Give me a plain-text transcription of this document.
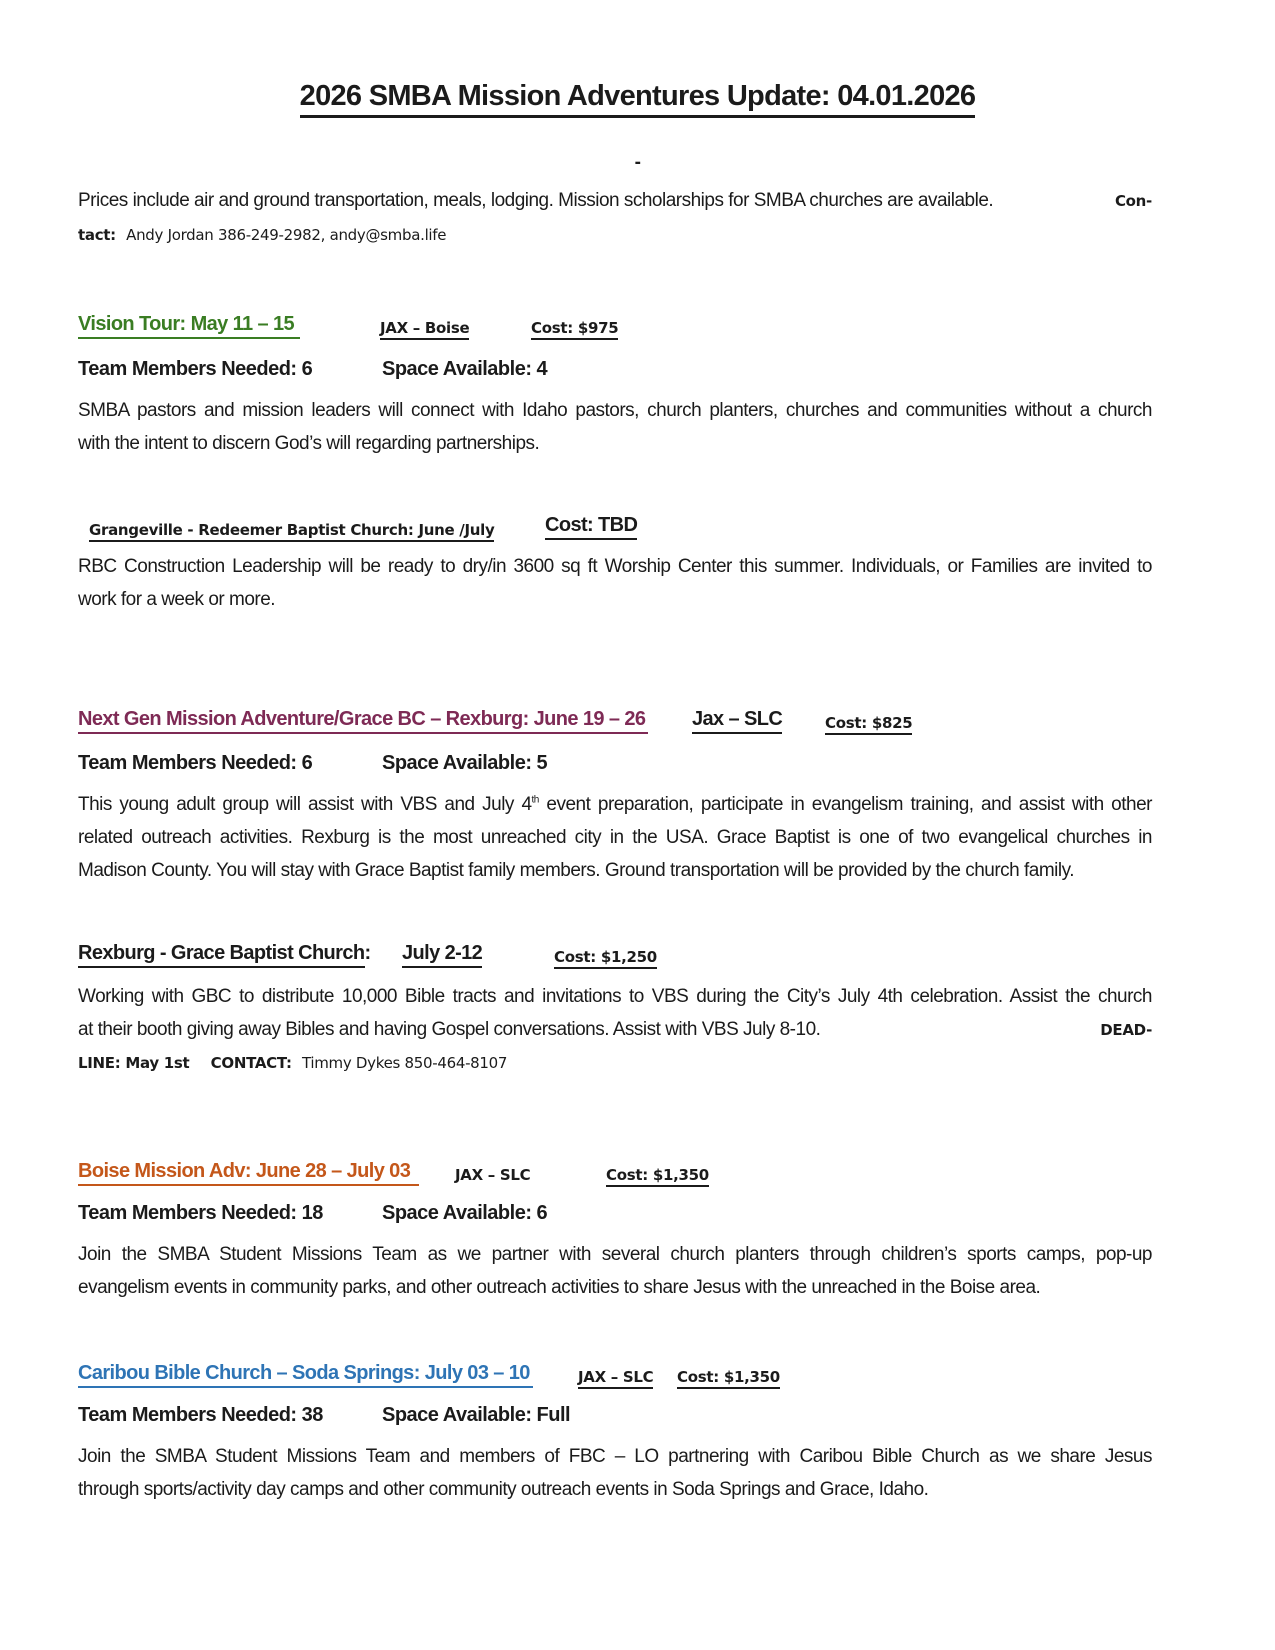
2026 SMBA Mission Adventures Update: 04.01.2026
-
Prices include air and ground transportation, meals, lodging. Mission scholarships for SMBA churches are available.	Con-
tact: Andy Jordan 386-249-2982, andy@smba.life
Vision Tour: May 11 – 15	JAX – Boise	Cost: $975
Team Members Needed: 6	Space Available: 4
SMBA pastors and mission leaders will connect with Idaho pastors, church planters, churches and communities without a church
with the intent to discern God’s will regarding partnerships.
Grangeville - Redeemer Baptist Church: June /July	Cost: TBD
RBC Construction Leadership will be ready to dry/in 3600 sq ft Worship Center this summer. Individuals, or Families are invited to
work for a week or more.
Next Gen Mission Adventure/Grace BC – Rexburg: June 19 – 26 Jax – SLC	Cost: $825
Team Members Needed: 6	Space Available: 5
This young adult group will assist with VBS and July 4th event preparation, participate in evangelism training, and assist with other
related outreach activities. Rexburg is the most unreached city in the USA. Grace Baptist is one of two evangelical churches in
Madison County. You will stay with Grace Baptist family members. Ground transportation will be provided by the church family.
Rexburg - Grace Baptist Church: July 2-12	Cost: $1,250
Working with GBC to distribute 10,000 Bible tracts and invitations to VBS during the City’s July 4th celebration. Assist the church
at their booth giving away Bibles and having Gospel conversations. Assist with VBS July 8-10.	DEAD-
LINE: May 1st CONTACT: Timmy Dykes 850-464-8107
Boise Mission Adv: June 28 – July 03	JAX – SLC	Cost: $1,350
Team Members Needed: 18	Space Available: 6
Join the SMBA Student Missions Team as we partner with several church planters through children’s sports camps, pop-up
evangelism events in community parks, and other outreach activities to share Jesus with the unreached in the Boise area.
Caribou Bible Church – Soda Springs: July 03 – 10	JAX – SLC Cost: $1,350
Team Members Needed: 38	Space Available: Full
Join the SMBA Student Missions Team and members of FBC – LO partnering with Caribou Bible Church as we share Jesus
through sports/activity day camps and other community outreach events in Soda Springs and Grace, Idaho.
